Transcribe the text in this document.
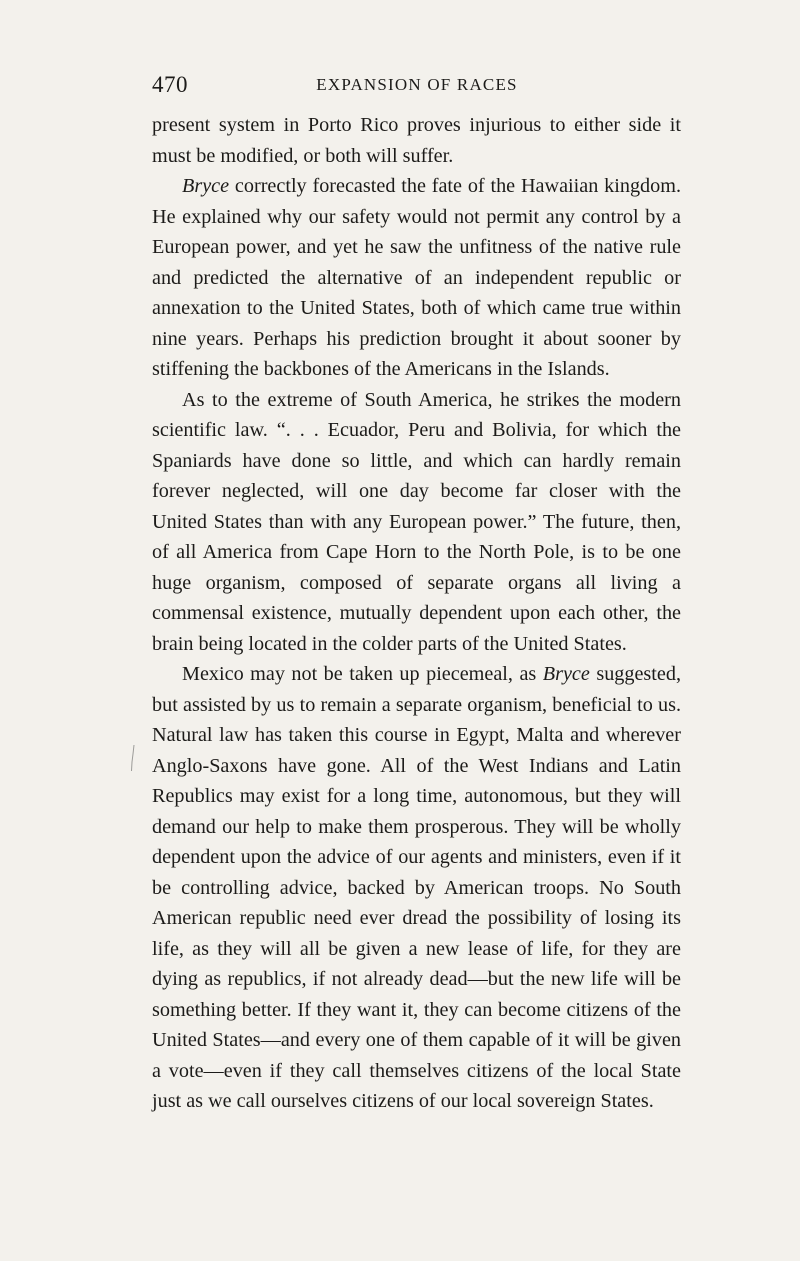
470	EXPANSION OF RACES

present system in Porto Rico proves injurious to either side it must be modified, or both will suffer.

Bryce correctly forecasted the fate of the Hawaiian kingdom. He explained why our safety would not permit any control by a European power, and yet he saw the unfitness of the native rule and predicted the alternative of an independent republic or annexation to the United States, both of which came true within nine years. Perhaps his prediction brought it about sooner by stiffening the backbones of the Americans in the Islands.

As to the extreme of South America, he strikes the modern scientific law. “. . . Ecuador, Peru and Bolivia, for which the Spaniards have done so little, and which can hardly remain forever neglected, will one day become far closer with the United States than with any European power.” The future, then, of all America from Cape Horn to the North Pole, is to be one huge organism, composed of separate organs all living a commensal existence, mutually dependent upon each other, the brain being located in the colder parts of the United States.

Mexico may not be taken up piecemeal, as Bryce suggested, but assisted by us to remain a separate organism, beneficial to us. Natural law has taken this course in Egypt, Malta and wherever Anglo-Saxons have gone. All of the West Indians and Latin Republics may exist for a long time, autonomous, but they will demand our help to make them prosperous. They will be wholly dependent upon the advice of our agents and ministers, even if it be controlling advice, backed by American troops. No South American republic need ever dread the possibility of losing its life, as they will all be given a new lease of life, for they are dying as republics, if not already dead—but the new life will be something better. If they want it, they can become citizens of the United States—and every one of them capable of it will be given a vote—even if they call themselves citizens of the local State just as we call ourselves citizens of our local sovereign States.
